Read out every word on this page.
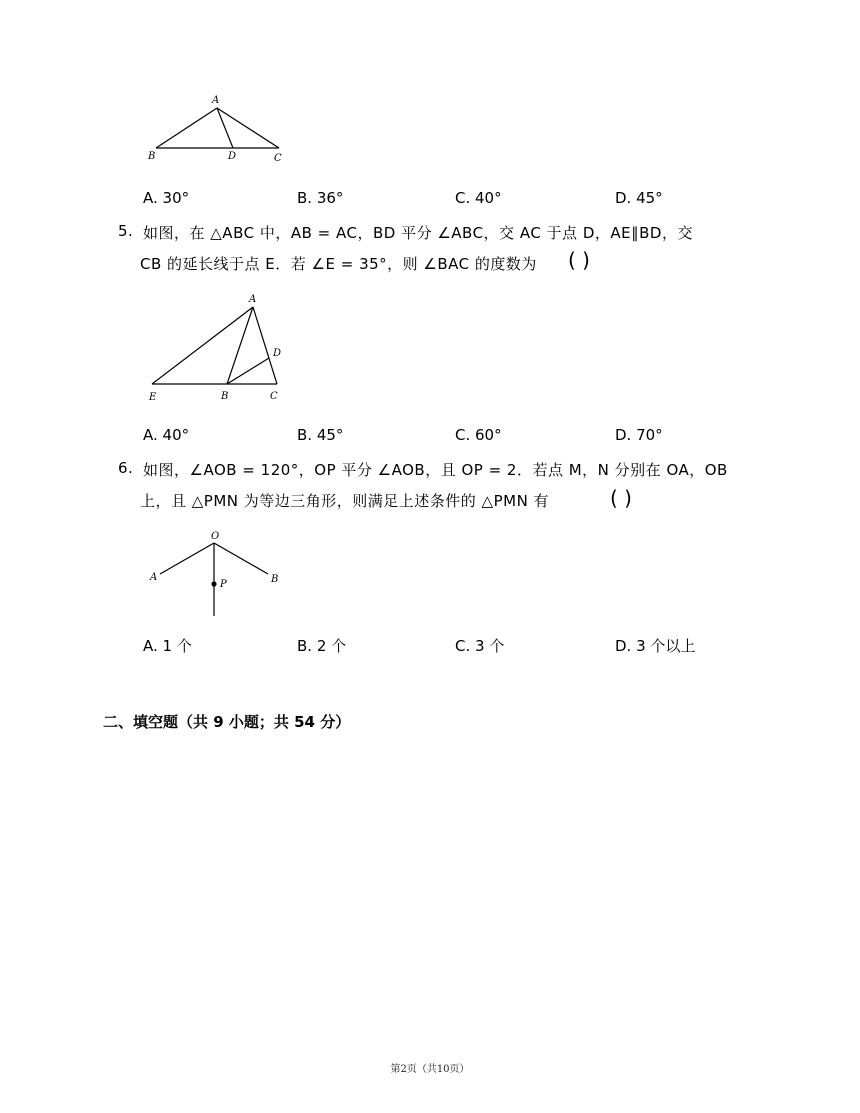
A
B	D	C
A. 30°	B. 36°	C. 40°	D. 45°
5. 如图，在 △ABC 中，AB = AC，BD 平分 ∠ABC，交 AC 于点 D，AE∥BD，交
CB 的延长线于点 E．若 ∠E = 35°，则 ∠BAC 的度数为 ( )
A
D
E	B	C
A. 40°	B. 45°	C. 60°	D. 70°
6. 如图，∠AOB = 120°，OP 平分 ∠AOB，且 OP = 2．若点 M，N 分别在 OA，OB
上，且 △PMN 为等边三角形，则满足上述条件的 △PMN 有	( )
O
A	B
P
A. 1 个	B. 2 个	C. 3 个	D. 3 个以上
二、填空题（共 9 小题；共 54 分）
第2页（共10页）
